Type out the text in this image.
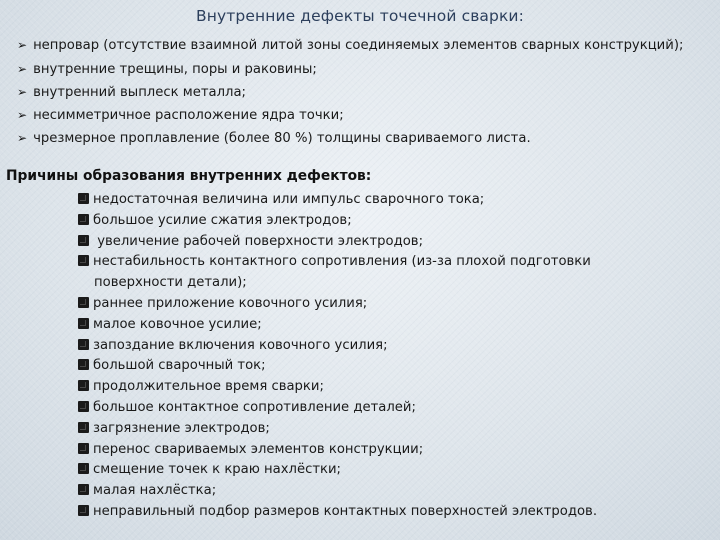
Внутренние дефекты точечной сварки:
➢ непровар (отсутствие взаимной литой зоны соединяемых элементов сварных конструкций);
➢ внутренние трещины, поры и раковины;
➢ внутренний выплеск металла;
➢ несимметричное расположение ядра точки;
➢ чрезмерное проплавление (более 80 %) толщины свариваемого листа.
Причины образования внутренних дефектов:
недостаточная величина или импульс сварочного тока;
большое усилие сжатия электродов;
увеличение рабочей поверхности электродов;
нестабильность контактного сопротивления (из-за плохой подготовки поверхности детали);
раннее приложение ковочного усилия;
малое ковочное усилие;
запоздание включения ковочного усилия;
большой сварочный ток;
продолжительное время сварки;
большое контактное сопротивление деталей;
загрязнение электродов;
перенос свариваемых элементов конструкции;
смещение точек к краю нахлёстки;
малая нахлёстка;
неправильный подбор размеров контактных поверхностей электродов.
